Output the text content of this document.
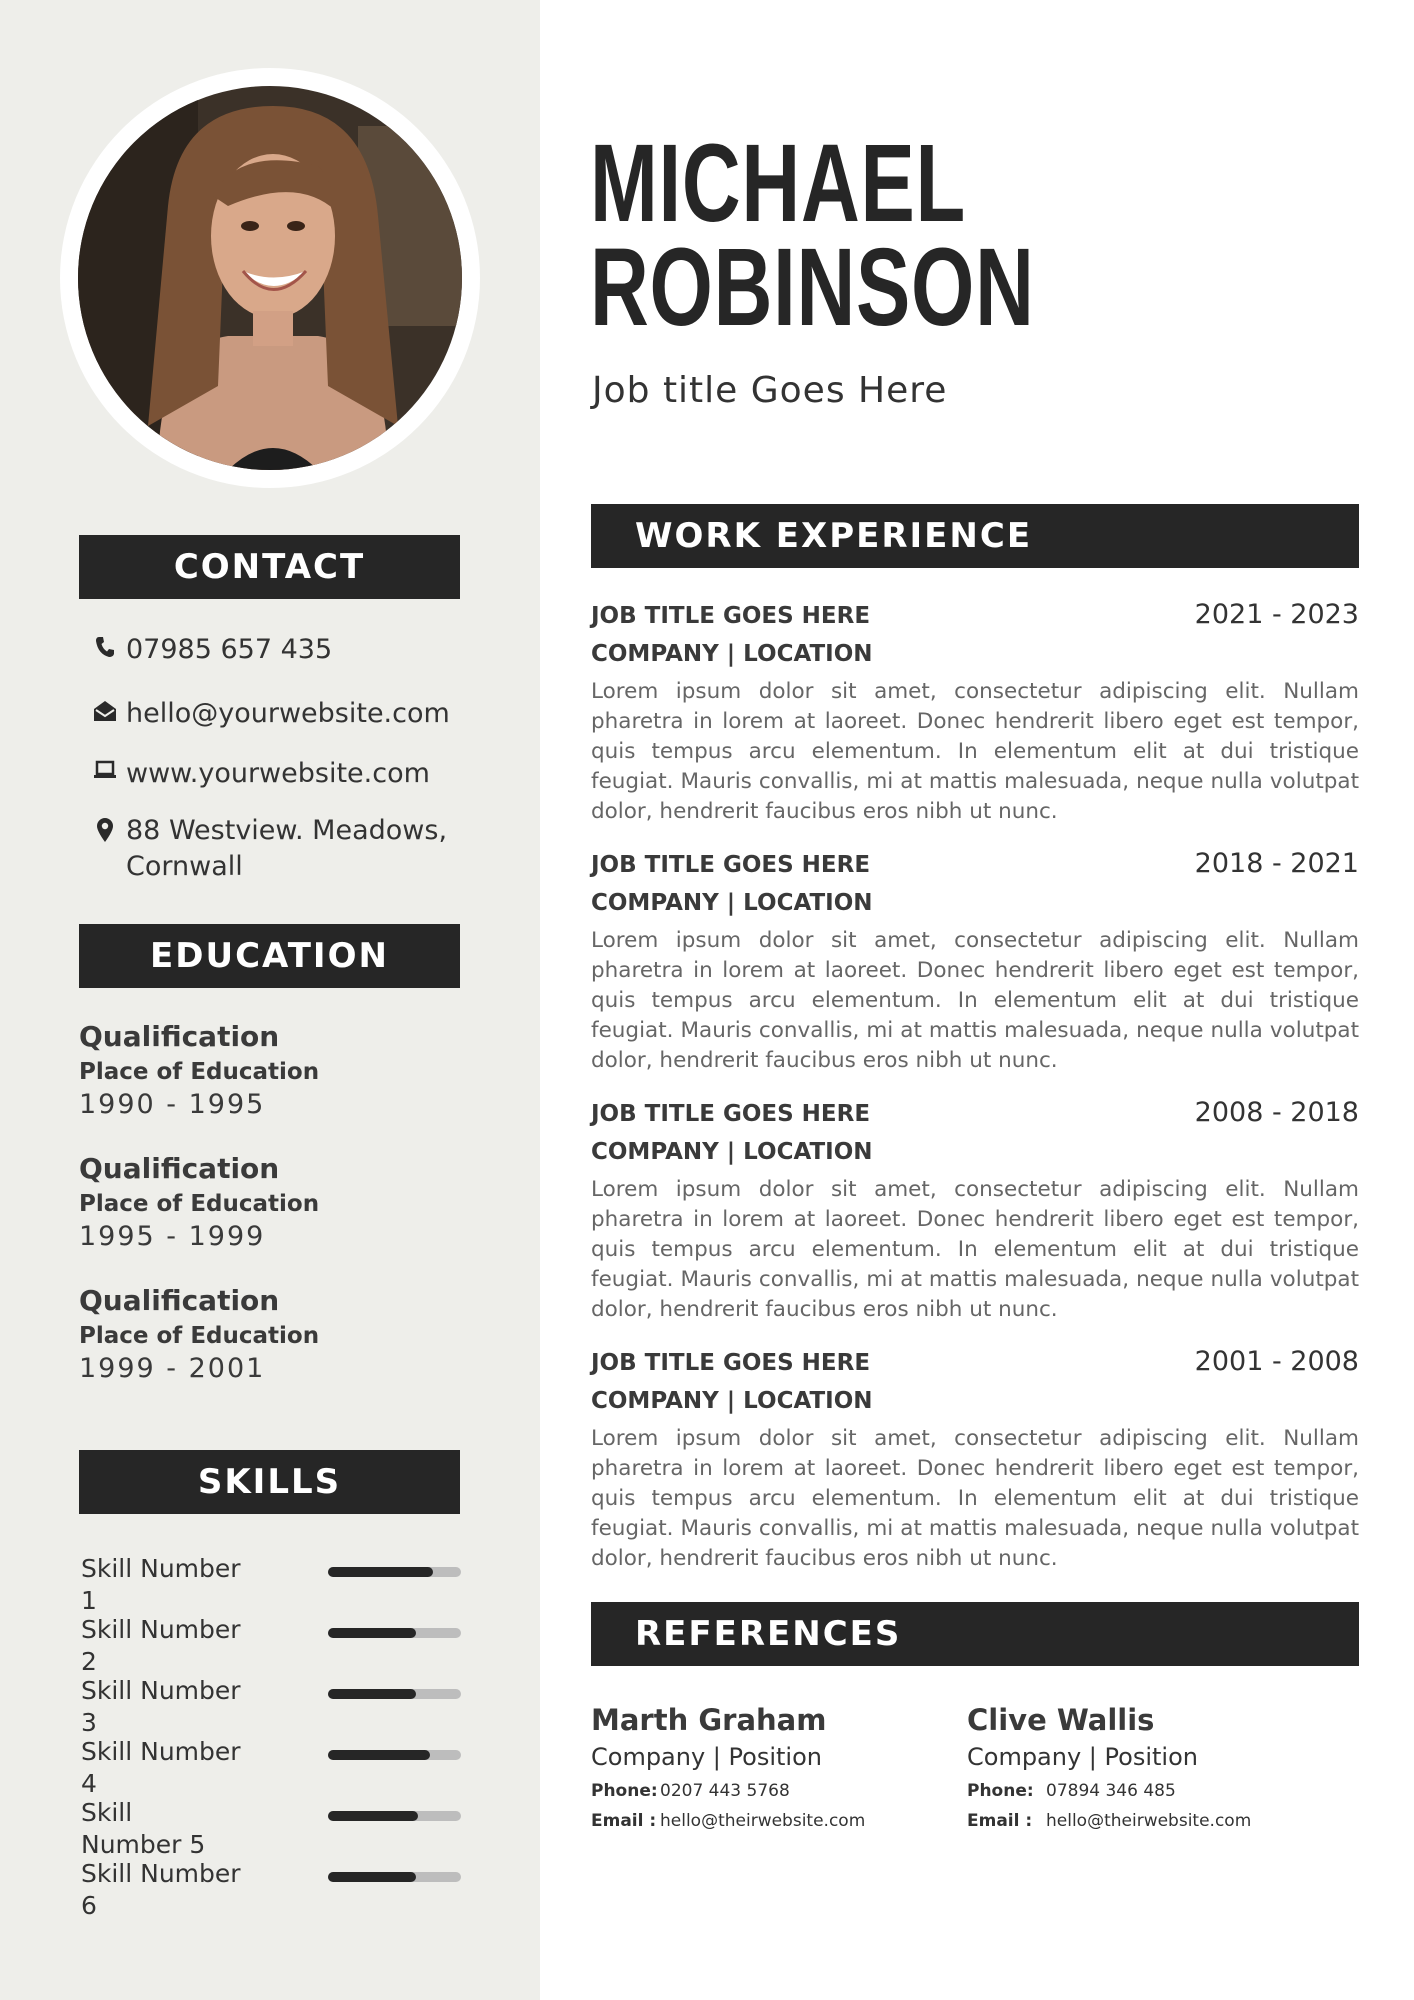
CONTACT
07985 657 435
hello@yourwebsite.com
www.yourwebsite.com
88 Westview. Meadows,
Cornwall
EDUCATION
Qualification
Place of Education
1990 - 1995
Qualification
Place of Education
1995 - 1999
Qualification
Place of Education
1999 - 2001
SKILLS
Skill Number 1
Skill Number 2
Skill Number 3
Skill Number 4
Skill Number 5
Skill Number 6
MICHAEL
ROBINSON
Job title Goes Here
WORK EXPERIENCE
JOB TITLE GOES HERE	2021 - 2023
COMPANY | LOCATION
Lorem ipsum dolor sit amet, consectetur adipiscing elit. Nullam pharetra in lorem at laoreet. Donec hendrerit libero eget est tempor, quis tempus arcu elementum. In elementum elit at dui tristique feugiat. Mauris convallis, mi at mattis malesuada, neque nulla volutpat dolor, hendrerit faucibus eros nibh ut nunc.
JOB TITLE GOES HERE	2018 - 2021
COMPANY | LOCATION
Lorem ipsum dolor sit amet, consectetur adipiscing elit. Nullam pharetra in lorem at laoreet. Donec hendrerit libero eget est tempor, quis tempus arcu elementum. In elementum elit at dui tristique feugiat. Mauris convallis, mi at mattis malesuada, neque nulla volutpat dolor, hendrerit faucibus eros nibh ut nunc.
JOB TITLE GOES HERE	2008 - 2018
COMPANY | LOCATION
Lorem ipsum dolor sit amet, consectetur adipiscing elit. Nullam pharetra in lorem at laoreet. Donec hendrerit libero eget est tempor, quis tempus arcu elementum. In elementum elit at dui tristique feugiat. Mauris convallis, mi at mattis malesuada, neque nulla volutpat dolor, hendrerit faucibus eros nibh ut nunc.
JOB TITLE GOES HERE	2001 - 2008
COMPANY | LOCATION
Lorem ipsum dolor sit amet, consectetur adipiscing elit. Nullam pharetra in lorem at laoreet. Donec hendrerit libero eget est tempor, quis tempus arcu elementum. In elementum elit at dui tristique feugiat. Mauris convallis, mi at mattis malesuada, neque nulla volutpat dolor, hendrerit faucibus eros nibh ut nunc.
REFERENCES
Marth Graham
Company | Position
Phone: 0207 443 5768
Email : hello@theirwebsite.com
Clive Wallis
Company | Position
Phone: 07894 346 485
Email : hello@theirwebsite.com
